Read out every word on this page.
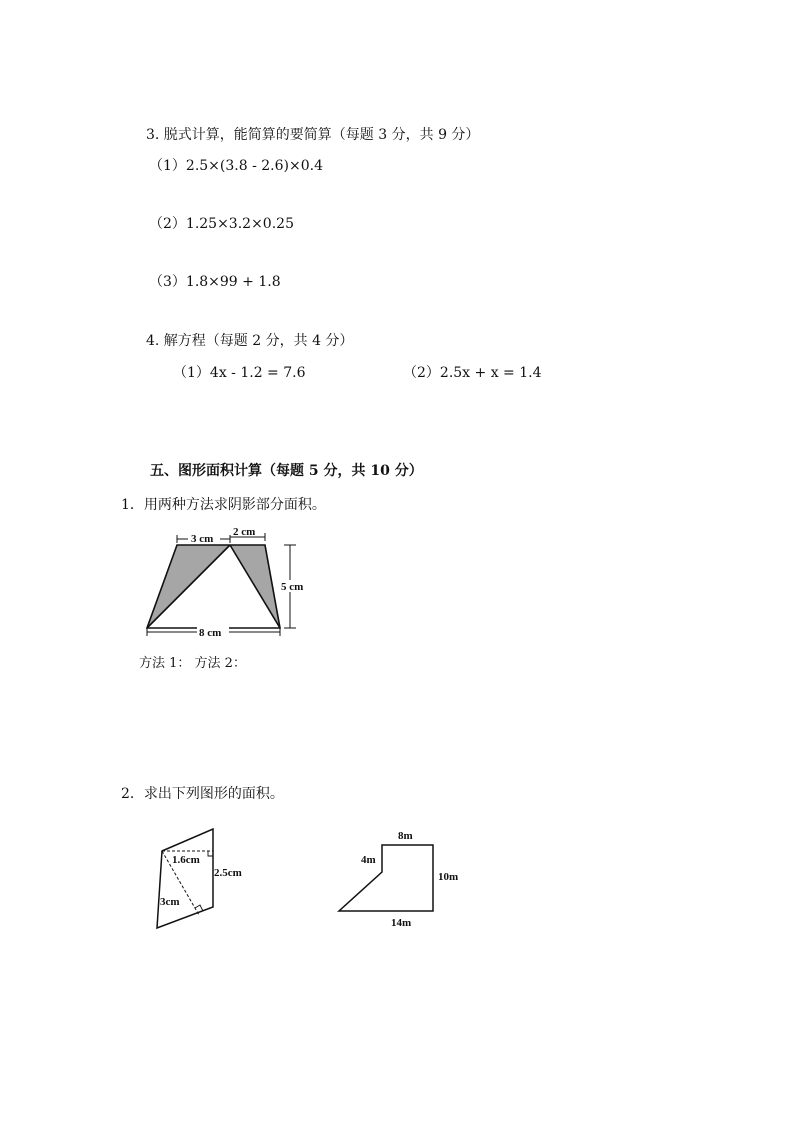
3. 脱式计算，能简算的要简算（每题 3 分，共 9 分）
（1）2.5×(3.8 - 2.6)×0.4
（2）1.25×3.2×0.25
（3）1.8×99 + 1.8
4. 解方程（每题 2 分，共 4 分）
（1）4x - 1.2 = 7.6	（2）2.5x + x = 1.4
五、图形面积计算（每题 5 分，共 10 分）
1．用两种方法求阴影部分面积。
3 cm
2 cm
5 cm
8 cm
1.6cm
2.5cm
3cm
8m
4m
10m
14m
方法 1： 方法 2：
2．求出下列图形的面积。
